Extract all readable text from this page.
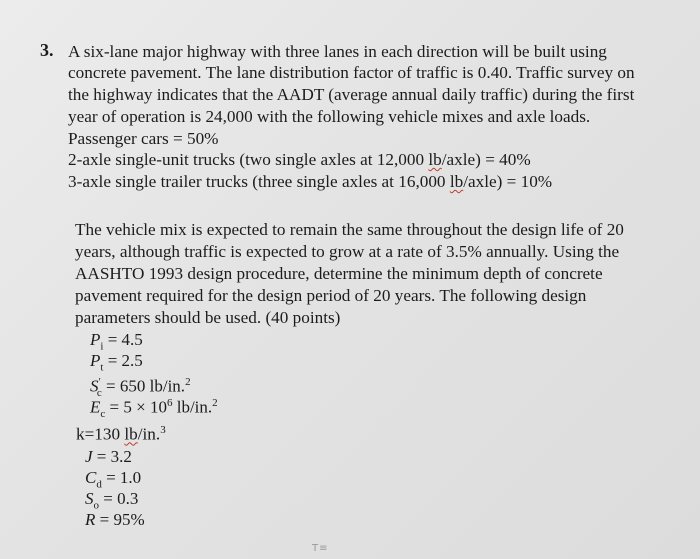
3. A six-lane major highway with three lanes in each direction will be built using
concrete pavement. The lane distribution factor of traffic is 0.40. Traffic survey on
the highway indicates that the AADT (average annual daily traffic) during the first
year of operation is 24,000 with the following vehicle mixes and axle loads.
Passenger cars = 50%
2-axle single-unit trucks (two single axles at 12,000 lb/axle) = 40%
3-axle single trailer trucks (three single axles at 16,000 lb/axle) = 10%
The vehicle mix is expected to remain the same throughout the design life of 20
years, although traffic is expected to grow at a rate of 3.5% annually. Using the
AASHTO 1993 design procedure, determine the minimum depth of concrete
pavement required for the design period of 20 years. The following design
parameters should be used. (40 points)
$P_i = 4.5$
$P_t = 2.5$
$S'_c = 650$ lb/in.$^2$
$E_c = 5 \times 10^6$ lb/in.$^2$
k=130 lb/in.$^3$
J = 3.2
$C_d = 1.0$
$S_o = 0.3$
R = 95%
T≡
